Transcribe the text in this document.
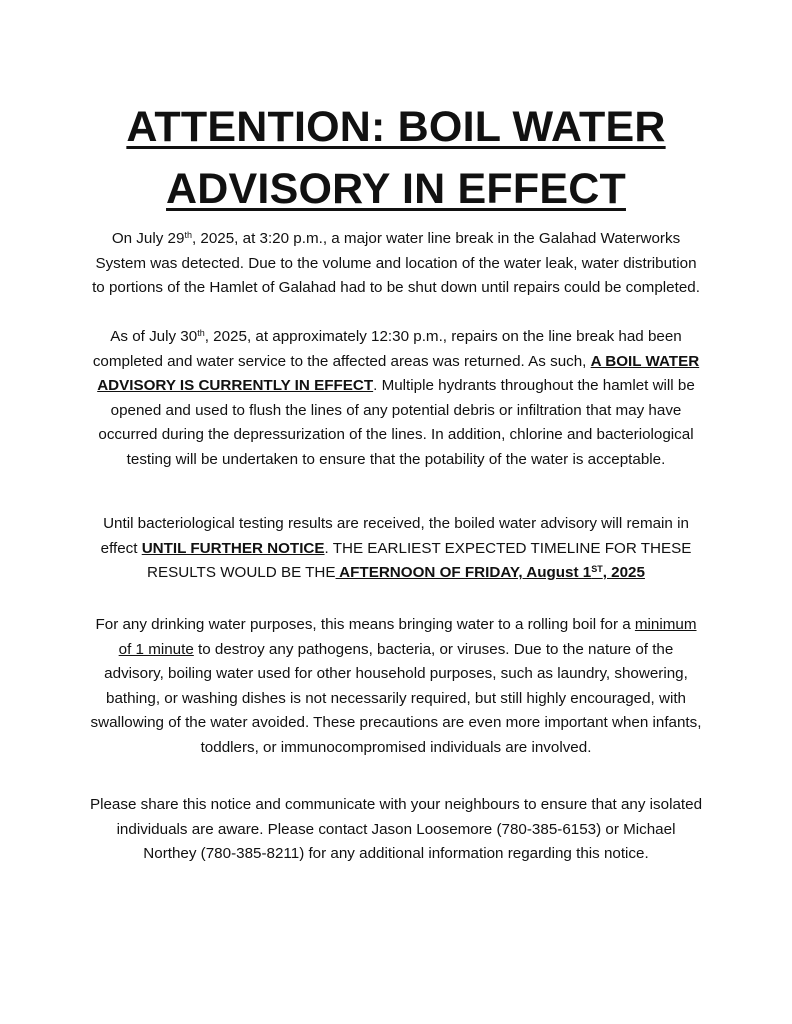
ATTENTION: BOIL WATER
ADVISORY IN EFFECT

On July 29th, 2025, at 3:20 p.m., a major water line break in the Galahad Waterworks System was detected. Due to the volume and location of the water leak, water distribution to portions of the Hamlet of Galahad had to be shut down until repairs could be completed.

As of July 30th, 2025, at approximately 12:30 p.m., repairs on the line break had been completed and water service to the affected areas was returned. As such, A BOIL WATER ADVISORY IS CURRENTLY IN EFFECT. Multiple hydrants throughout the hamlet will be opened and used to flush the lines of any potential debris or infiltration that may have occurred during the depressurization of the lines. In addition, chlorine and bacteriological testing will be undertaken to ensure that the potability of the water is acceptable.

Until bacteriological testing results are received, the boiled water advisory will remain in effect UNTIL FURTHER NOTICE. THE EARLIEST EXPECTED TIMELINE FOR THESE RESULTS WOULD BE THE AFTERNOON OF FRIDAY, August 1ST, 2025

For any drinking water purposes, this means bringing water to a rolling boil for a minimum of 1 minute to destroy any pathogens, bacteria, or viruses. Due to the nature of the advisory, boiling water used for other household purposes, such as laundry, showering, bathing, or washing dishes is not necessarily required, but still highly encouraged, with swallowing of the water avoided. These precautions are even more important when infants, toddlers, or immunocompromised individuals are involved.

Please share this notice and communicate with your neighbours to ensure that any isolated individuals are aware. Please contact Jason Loosemore (780-385-6153) or Michael Northey (780-385-8211) for any additional information regarding this notice.
